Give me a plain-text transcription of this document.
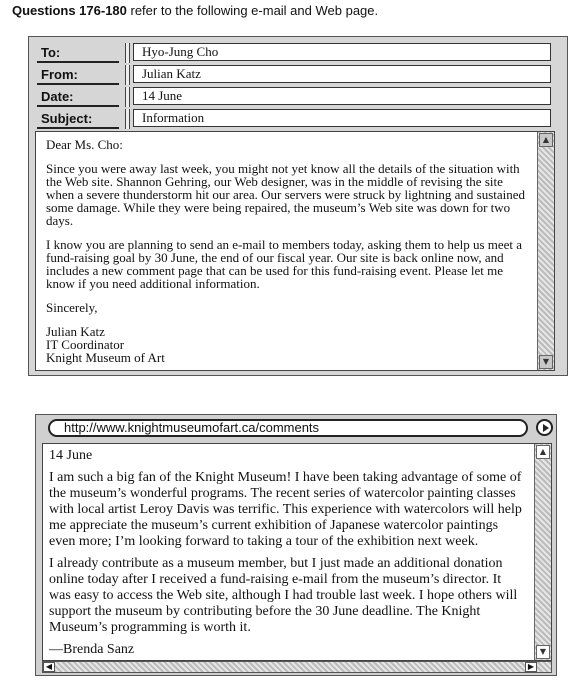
Questions 176-180 refer to the following e-mail and Web page.
To:	Hyo-Jung Cho
From:	Julian Katz
Date:	14 June
Subject:	Information

Dear Ms. Cho:

Since you were away last week, you might not yet know all the details of the situation with the Web site. Shannon Gehring, our Web designer, was in the middle of revising the site when a severe thunderstorm hit our area. Our servers were struck by lightning and sustained some damage. While they were being repaired, the museum’s Web site was down for two days.

I know you are planning to send an e-mail to members today, asking them to help us meet a fund-raising goal by 30 June, the end of our fiscal year. Our site is back online now, and includes a new comment page that can be used for this fund-raising event. Please let me know if you need additional information.

Sincerely,

Julian Katz
IT Coordinator
Knight Museum of Art
▲
▼
http://www.knightmuseumofart.ca/comments

14 June

I am such a big fan of the Knight Museum! I have been taking advantage of some of the museum’s wonderful programs. The recent series of watercolor painting classes with local artist Leroy Davis was terrific. This experience with watercolors will help me appreciate the museum’s current exhibition of Japanese watercolor paintings even more; I’m looking forward to taking a tour of the exhibition next week.

I already contribute as a museum member, but I just made an additional donation online today after I received a fund-raising e-mail from the museum’s director. It was easy to access the Web site, although I had trouble last week. I hope others will support the museum by contributing before the 30 June deadline. The Knight Museum’s programming is worth it.

—Brenda Sanz

▲
▼
◀	▶
